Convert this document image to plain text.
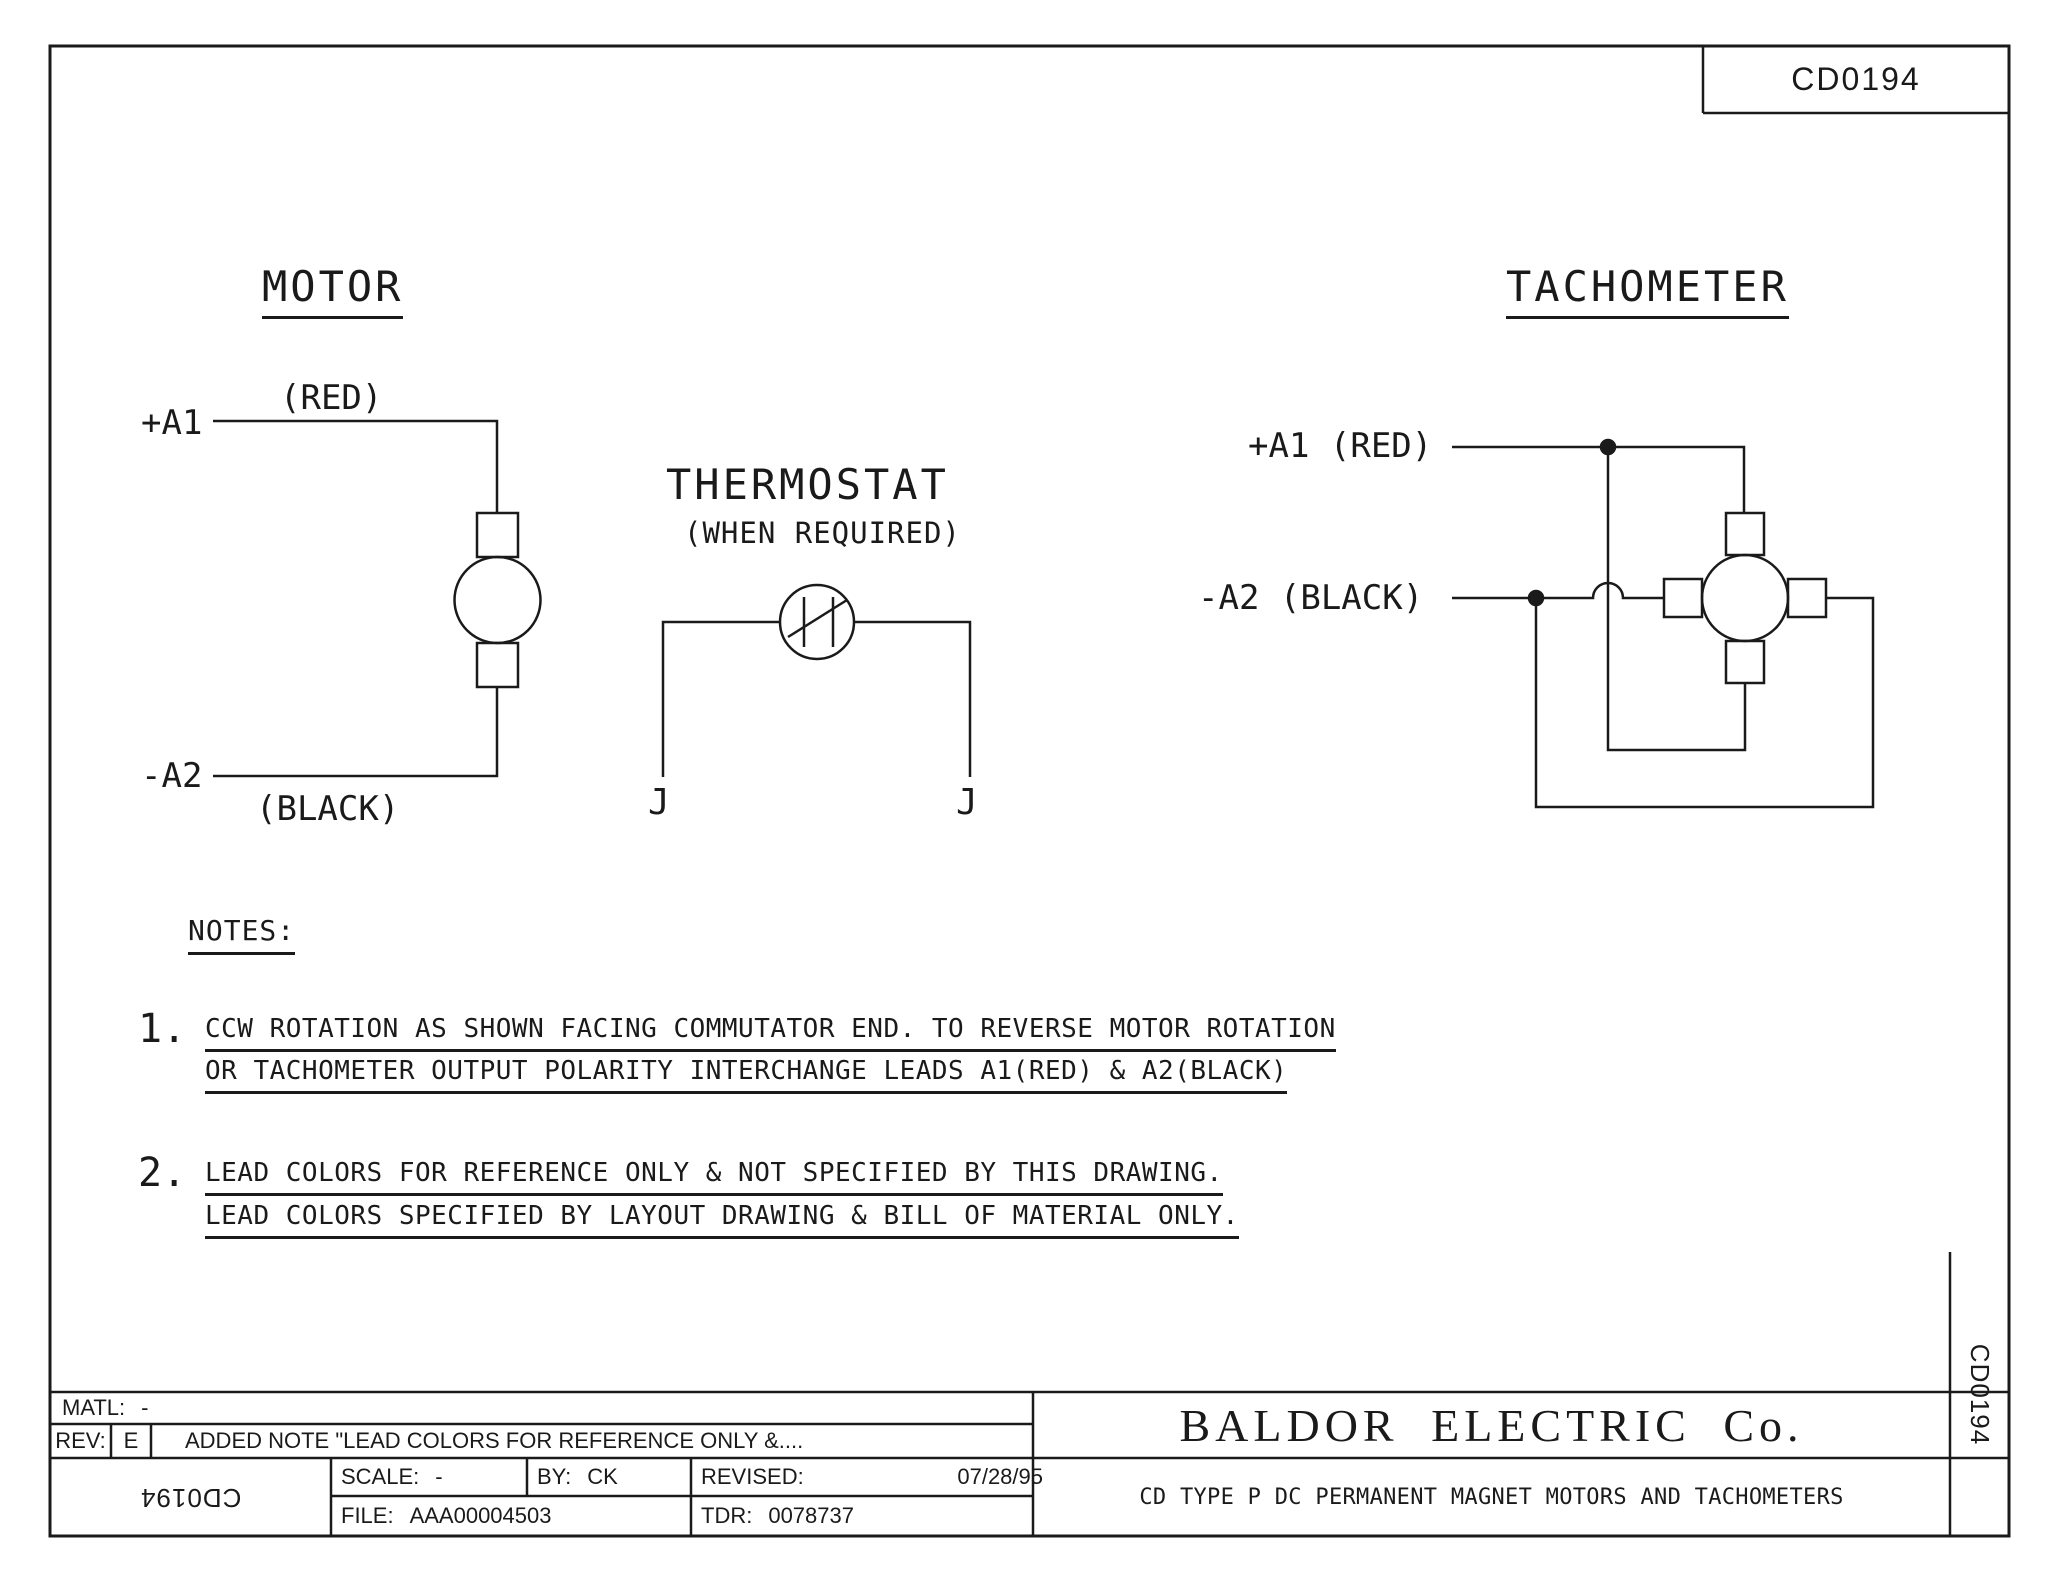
CD0194
MOTOR
+A1
(RED)
-A2
(BLACK)
THERMOSTAT
(WHEN REQUIRED)
J	J
TACHOMETER
+A1 (RED)
-A2 (BLACK)
NOTES:
1. CCW ROTATION AS SHOWN FACING COMMUTATOR END. TO REVERSE MOTOR ROTATION
OR TACHOMETER OUTPUT POLARITY INTERCHANGE LEADS A1(RED) & A2(BLACK)
2. LEAD COLORS FOR REFERENCE ONLY & NOT SPECIFIED BY THIS DRAWING.
LEAD COLORS SPECIFIED BY LAYOUT DRAWING & BILL OF MATERIAL ONLY.
MATL: -
REV: E ADDED NOTE "LEAD COLORS FOR REFERENCE ONLY &....
CD0194
SCALE: -	BY: CK	REVISED:	07/28/95
FILE: AAA00004503	TDR: 0078737
BALDOR ELECTRIC Co.
CD TYPE P DC PERMANENT MAGNET MOTORS AND TACHOMETERS
CD0194
